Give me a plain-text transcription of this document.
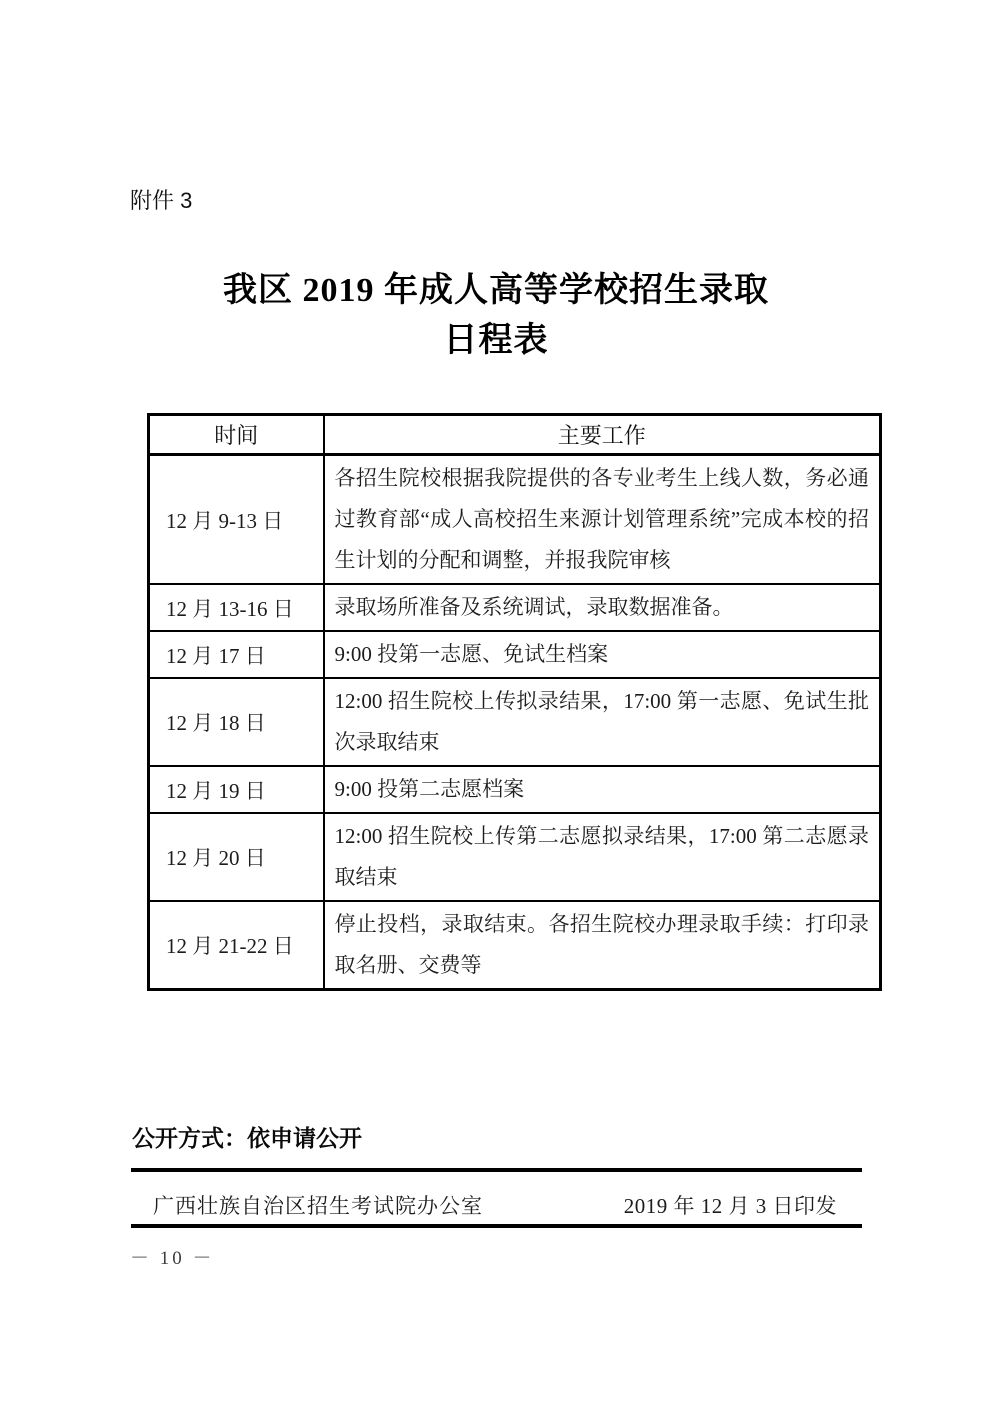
附件 3
我区 2019 年成人高等学校招生录取
日程表
时间	主要工作
12 月 9-13 日	各招生院校根据我院提供的各专业考生上线人数，务必通过教育部“成人高校招生来源计划管理系统”完成本校的招生计划的分配和调整，并报我院审核
12 月 13-16 日	录取场所准备及系统调试，录取数据准备。
12 月 17 日	9:00 投第一志愿、免试生档案
12 月 18 日	12:00 招生院校上传拟录结果，17:00 第一志愿、免试生批次录取结束
12 月 19 日	9:00 投第二志愿档案
12 月 20 日	12:00 招生院校上传第二志愿拟录结果，17:00 第二志愿录取结束
12 月 21-22 日	停止投档，录取结束。各招生院校办理录取手续：打印录取名册、交费等
公开方式：依申请公开
广西壮族自治区招生考试院办公室	2019 年 12 月 3 日印发
－ 10 －
